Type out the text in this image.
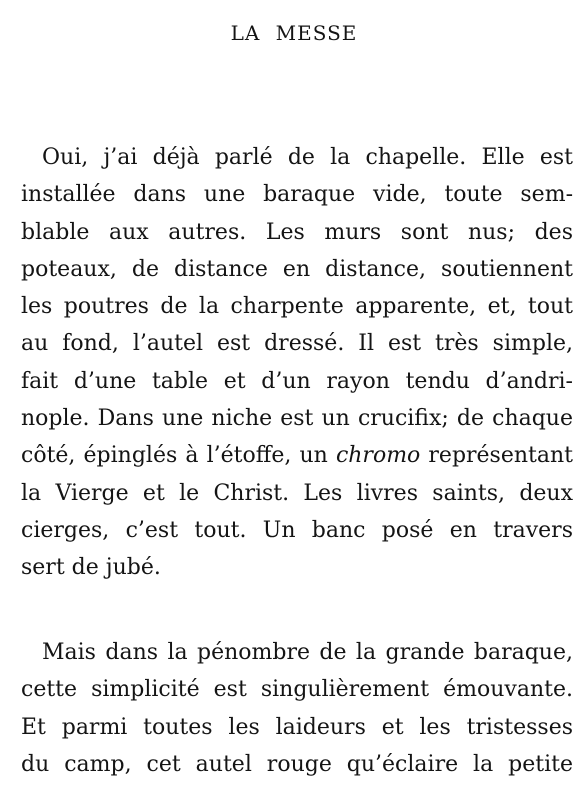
LA MESSE
Oui, j’ai déjà parlé de la chapelle. Elle est
installée dans une baraque vide, toute sem-
blable aux autres. Les murs sont nus; des
poteaux, de distance en distance, soutiennent
les poutres de la charpente apparente, et, tout
au fond, l’autel est dressé. Il est très simple,
fait d’une table et d’un rayon tendu d’andri-
nople. Dans une niche est un crucifix; de chaque
côté, épinglés à l’étoffe, un chromo représentant
la Vierge et le Christ. Les livres saints, deux
cierges, c’est tout. Un banc posé en travers
sert de jubé.
Mais dans la pénombre de la grande baraque,
cette simplicité est singulièrement émouvante.
Et parmi toutes les laideurs et les tristesses
du camp, cet autel rouge qu’éclaire la petite
